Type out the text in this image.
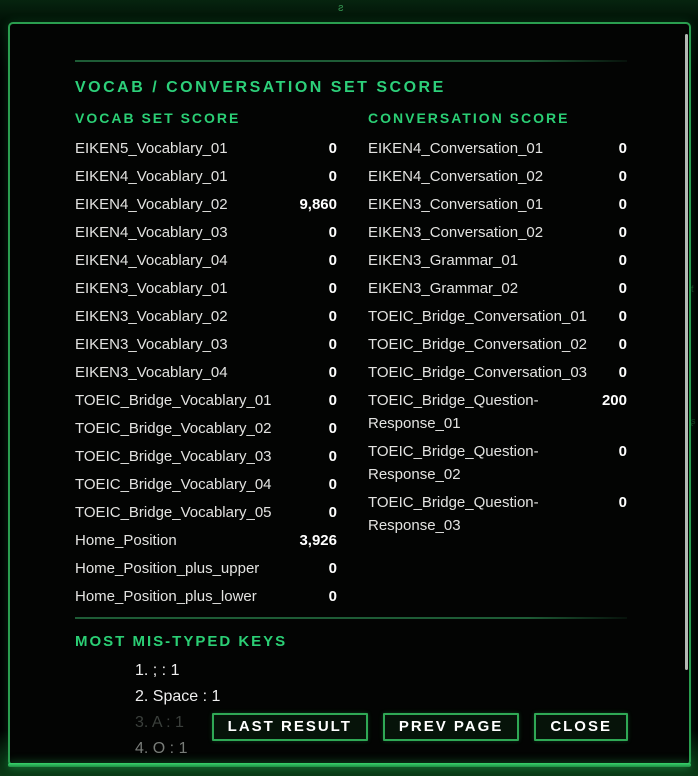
ƨ
ƭ
ʂ
VOCAB / CONVERSATION SET SCORE
VOCAB SET SCORE
EIKEN5_Vocablary_01	0
EIKEN4_Vocablary_01	0
EIKEN4_Vocablary_02	9,860
EIKEN4_Vocablary_03	0
EIKEN4_Vocablary_04	0
EIKEN3_Vocablary_01	0
EIKEN3_Vocablary_02	0
EIKEN3_Vocablary_03	0
EIKEN3_Vocablary_04	0
TOEIC_Bridge_Vocablary_01	0
TOEIC_Bridge_Vocablary_02	0
TOEIC_Bridge_Vocablary_03	0
TOEIC_Bridge_Vocablary_04	0
TOEIC_Bridge_Vocablary_05	0
Home_Position	3,926
Home_Position_plus_upper	0
Home_Position_plus_lower	0
CONVERSATION SCORE
EIKEN4_Conversation_01	0
EIKEN4_Conversation_02	0
EIKEN3_Conversation_01	0
EIKEN3_Conversation_02	0
EIKEN3_Grammar_01	0
EIKEN3_Grammar_02	0
TOEIC_Bridge_Conversation_01	0
TOEIC_Bridge_Conversation_02	0
TOEIC_Bridge_Conversation_03	0
TOEIC_Bridge_Question-Response_01
200
TOEIC_Bridge_Question-Response_02
0
TOEIC_Bridge_Question-Response_03
0
MOST MIS-TYPED KEYS
1. ; : 1
2. Space : 1
3. A : 1
4. O : 1
LAST RESULT	PREV PAGE	CLOSE
